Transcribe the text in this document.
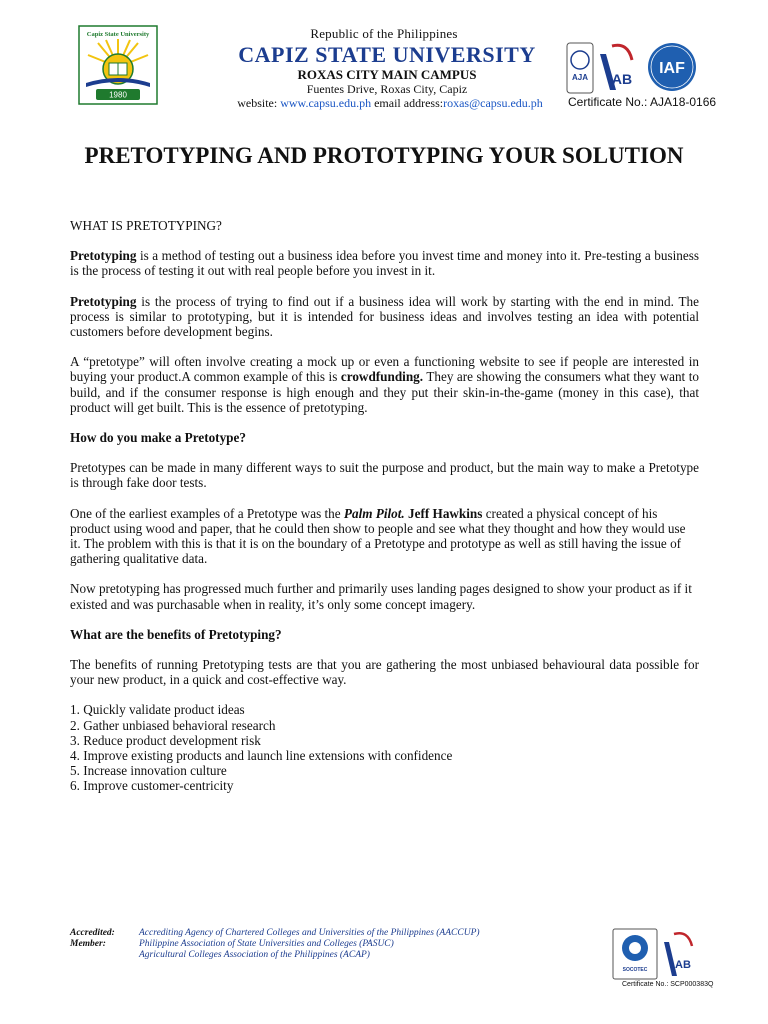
Capiz State University
1980
Republic of the Philippines
CAPIZ STATE UNIVERSITY
ROXAS CITY MAIN CAMPUS
Fuentes Drive, Roxas City, Capiz
website: www.capsu.edu.ph email address:roxas@capsu.edu.ph
AJA AB
IAF
Certificate No.: AJA18-0166
PRETOTYPING AND PROTOTYPING YOUR SOLUTION

WHAT IS PRETOTYPING?

Pretotyping is a method of testing out a business idea before you invest time and money into it. Pre-testing a business is the process of testing it out with real people before you invest in it.

Pretotyping is the process of trying to find out if a business idea will work by starting with the end in mind. The process is similar to prototyping, but it is intended for business ideas and involves testing an idea with potential customers before development begins.

A “pretotype” will often involve creating a mock up or even a functioning website to see if people are interested in buying your product.A common example of this is crowdfunding. They are showing the consumers what they want to build, and if the consumer response is high enough and they put their skin-in-the-game (money in this case), that product will get built. This is the essence of pretotyping.

How do you make a Pretotype?

Pretotypes can be made in many different ways to suit the purpose and product, but the main way to make a Pretotype is through fake door tests.

One of the earliest examples of a Pretotype was the Palm Pilot. Jeff Hawkins created a physical concept of his product using wood and paper, that he could then show to people and see what they thought and how they would use it. The problem with this is that it is on the boundary of a Pretotype and prototype as well as still having the issue of gathering qualitative data.

Now pretotyping has progressed much further and primarily uses landing pages designed to show your product as if it existed and was purchasable when in reality, it’s only some concept imagery.

What are the benefits of Pretotyping?

The benefits of running Pretotyping tests are that you are gathering the most unbiased behavioural data possible for your new product, in a quick and cost-effective way.

1. Quickly validate product ideas
2. Gather unbiased behavioral research
3. Reduce product development risk
4. Improve existing products and launch line extensions with confidence
5. Increase innovation culture
6. Improve customer-centricity
Accredited:	Accrediting Agency of Chartered Colleges and Universities of the Philippines (AACCUP)
Member:	Philippine Association of State Universities and Colleges (PASUC)
Agricultural Colleges Association of the Philippines (ACAP)
SOCOTEC	AB
Certificate No.: SCP000383Q
